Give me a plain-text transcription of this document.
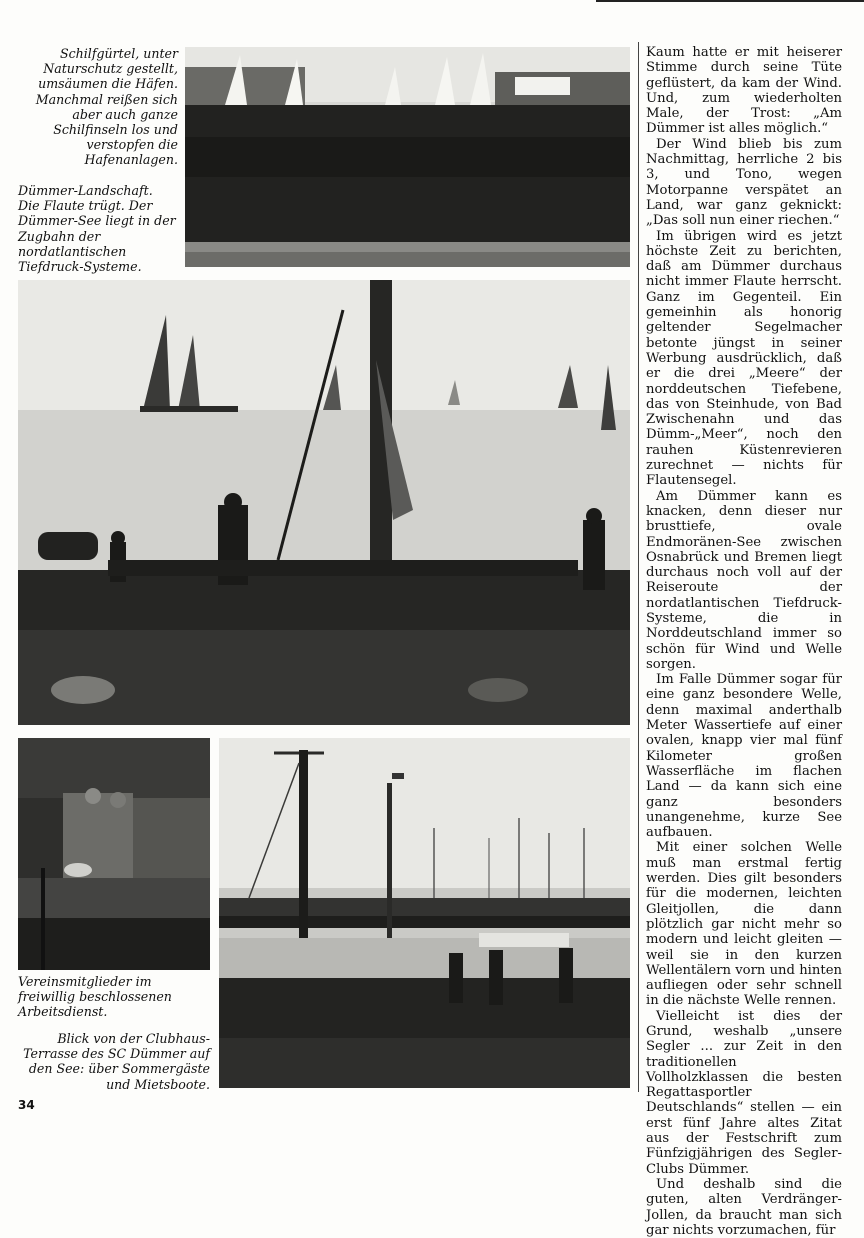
Schilfgürtel, unter Naturschutz gestellt, umsäumen die Häfen. Manchmal reißen sich aber auch ganze Schilfinseln los und verstopfen die Hafenanlagen.

Dümmer-Landschaft. Die Flaute trügt. Der Dümmer-See liegt in der Zugbahn der nordatlantischen Tiefdruck-Systeme.

Vereinsmitglieder im freiwillig beschlossenen Arbeitsdienst.

Blick von der Clubhaus-Terrasse des SC Dümmer auf den See: über Sommergäste und Mietsboote.

Kaum hatte er mit heiserer Stimme durch seine Tüte geflüstert, da kam der Wind. Und, zum wiederholten Male, der Trost: „Am Dümmer ist alles möglich.“

Der Wind blieb bis zum Nachmittag, herrliche 2 bis 3, und Tono, wegen Motorpanne verspätet an Land, war ganz geknickt: „Das soll nun einer riechen.“

Im übrigen wird es jetzt höchste Zeit zu berichten, daß am Dümmer durchaus nicht immer Flaute herrscht. Ganz im Gegenteil. Ein gemeinhin als honorig geltender Segelmacher betonte jüngst in seiner Werbung ausdrücklich, daß er die drei „Meere“ der norddeutschen Tiefebene, das von Steinhude, von Bad Zwischenahn und das Dümm-„Meer“, noch den rauhen Küstenrevieren zurechnet — nichts für Flautensegel.

Am Dümmer kann es knacken, denn dieser nur brusttiefe, ovale Endmoränen-See zwischen Osnabrück und Bremen liegt durchaus noch voll auf der Reiseroute der nordatlantischen Tiefdruck-Systeme, die in Norddeutschland immer so schön für Wind und Welle sorgen.

Im Falle Dümmer sogar für eine ganz besondere Welle, denn maximal anderthalb Meter Wassertiefe auf einer ovalen, knapp vier mal fünf Kilometer großen Wasserfläche im flachen Land — da kann sich eine ganz besonders unangenehme, kurze See aufbauen.

Mit einer solchen Welle muß man erstmal fertig werden. Dies gilt besonders für die modernen, leichten Gleitjollen, die dann plötzlich gar nicht mehr so modern und leicht gleiten — weil sie in den kurzen Wellentälern vorn und hinten aufliegen oder sehr schnell in die nächste Welle rennen.

Vielleicht ist dies der Grund, weshalb „unsere Segler ... zur Zeit in den traditionellen Vollholzklassen die besten Regattasportler Deutschlands“ stellen — ein erst fünf Jahre altes Zitat aus der Festschrift zum Fünfzigjährigen des Segler-Clubs Dümmer.

Und deshalb sind die guten, alten Verdränger-Jollen, da braucht man sich gar nichts vorzumachen, für

34
